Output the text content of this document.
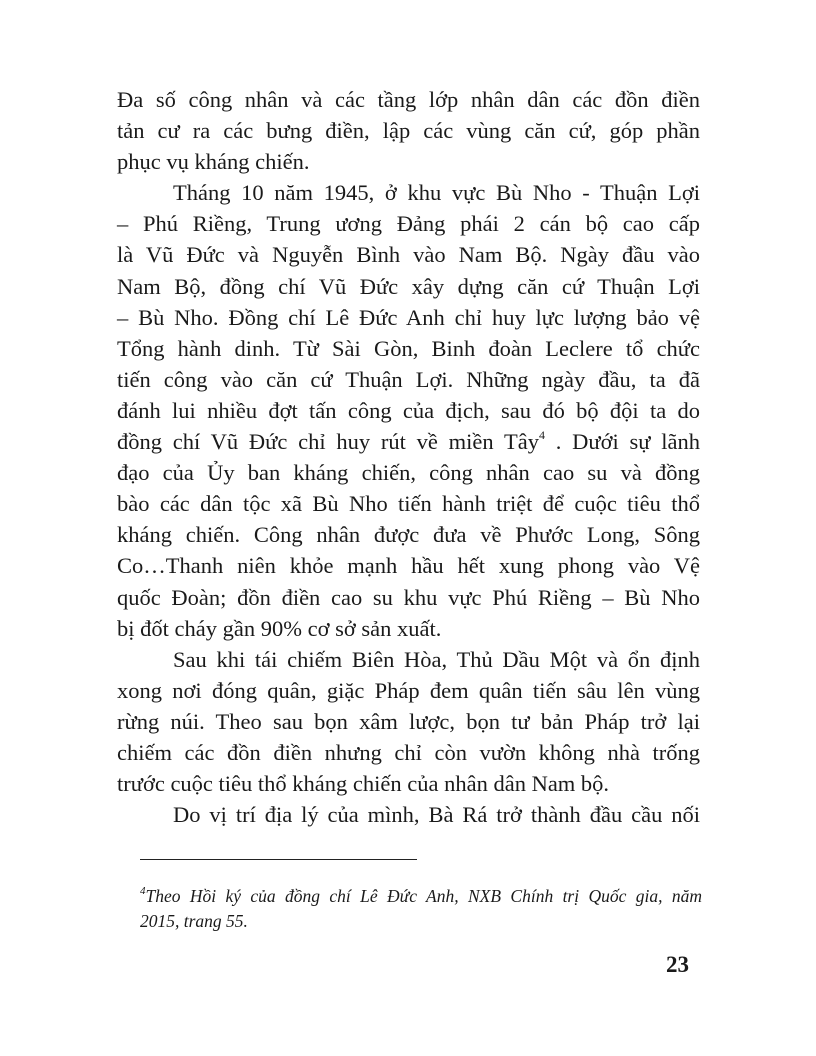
Đa số công nhân và các tầng lớp nhân dân các đồn điền
tản cư ra các bưng điền, lập các vùng căn cứ, góp phần
phục vụ kháng chiến.
Tháng 10 năm 1945, ở khu vực Bù Nho - Thuận Lợi
– Phú Riềng, Trung ương Đảng phái 2 cán bộ cao cấp
là Vũ Đức và Nguyễn Bình vào Nam Bộ. Ngày đầu vào
Nam Bộ, đồng chí Vũ Đức xây dựng căn cứ Thuận Lợi
– Bù Nho. Đồng chí Lê Đức Anh chỉ huy lực lượng bảo vệ
Tổng hành dinh. Từ Sài Gòn, Binh đoàn Leclere tổ chức
tiến công vào căn cứ Thuận Lợi. Những ngày đầu, ta đã
đánh lui nhiều đợt tấn công của địch, sau đó bộ đội ta do
đồng chí Vũ Đức chỉ huy rút về miền Tây$^4$ . Dưới sự lãnh
đạo của Ủy ban kháng chiến, công nhân cao su và đồng
bào các dân tộc xã Bù Nho tiến hành triệt để cuộc tiêu thổ
kháng chiến. Công nhân được đưa về Phước Long, Sông
Co…Thanh niên khỏe mạnh hầu hết xung phong vào Vệ
quốc Đoàn; đồn điền cao su khu vực Phú Riềng – Bù Nho
bị đốt cháy gần 90% cơ sở sản xuất.
Sau khi tái chiếm Biên Hòa, Thủ Dầu Một và ổn định
xong nơi đóng quân, giặc Pháp đem quân tiến sâu lên vùng
rừng núi. Theo sau bọn xâm lược, bọn tư bản Pháp trở lại
chiếm các đồn điền nhưng chỉ còn vườn không nhà trống
trước cuộc tiêu thổ kháng chiến của nhân dân Nam bộ.
Do vị trí địa lý của mình, Bà Rá trở thành đầu cầu nối
$^4$Theo Hồi ký của đồng chí Lê Đức Anh, NXB Chính trị Quốc gia, năm
2015, trang 55.
23
